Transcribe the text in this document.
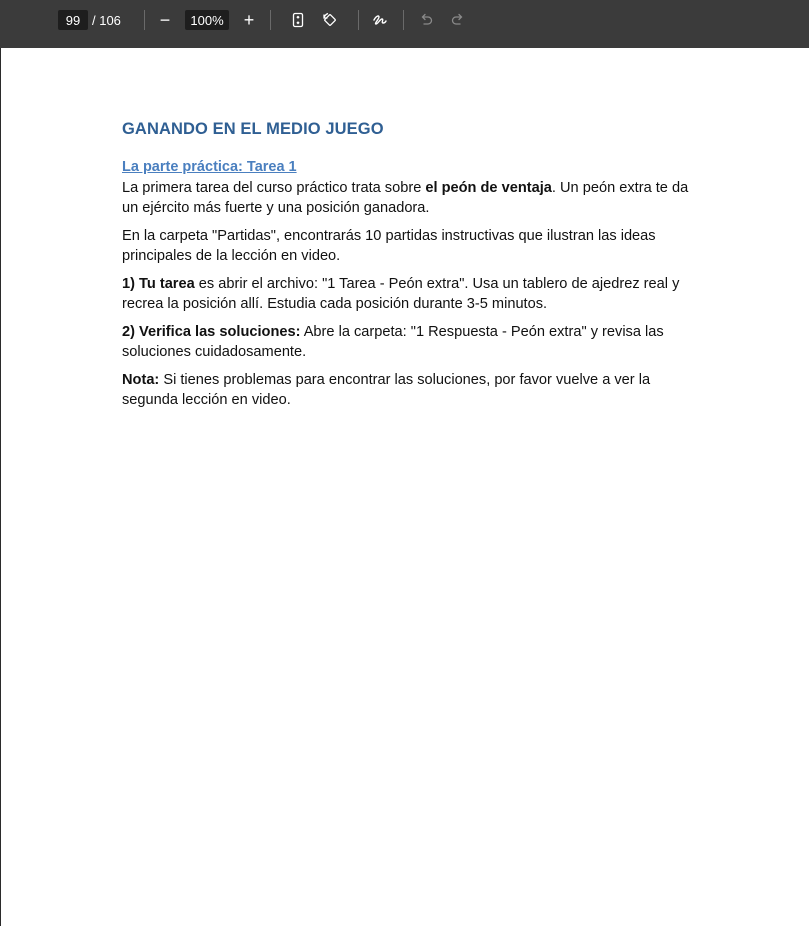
99 / 106 −	100% +
GANANDO EN EL MEDIO JUEGO
La parte práctica: Tarea 1

La primera tarea del curso práctico trata sobre el peón de ventaja. Un peón extra te da un ejército más fuerte y una posición ganadora.

En la carpeta "Partidas", encontrarás 10 partidas instructivas que ilustran las ideas principales de la lección en video.

1) Tu tarea es abrir el archivo: "1 Tarea - Peón extra". Usa un tablero de ajedrez real y recrea la posición allí. Estudia cada posición durante 3-5 minutos.

2) Verifica las soluciones: Abre la carpeta: "1 Respuesta - Peón extra" y revisa las soluciones cuidadosamente.

Nota: Si tienes problemas para encontrar las soluciones, por favor vuelve a ver la segunda lección en video.
